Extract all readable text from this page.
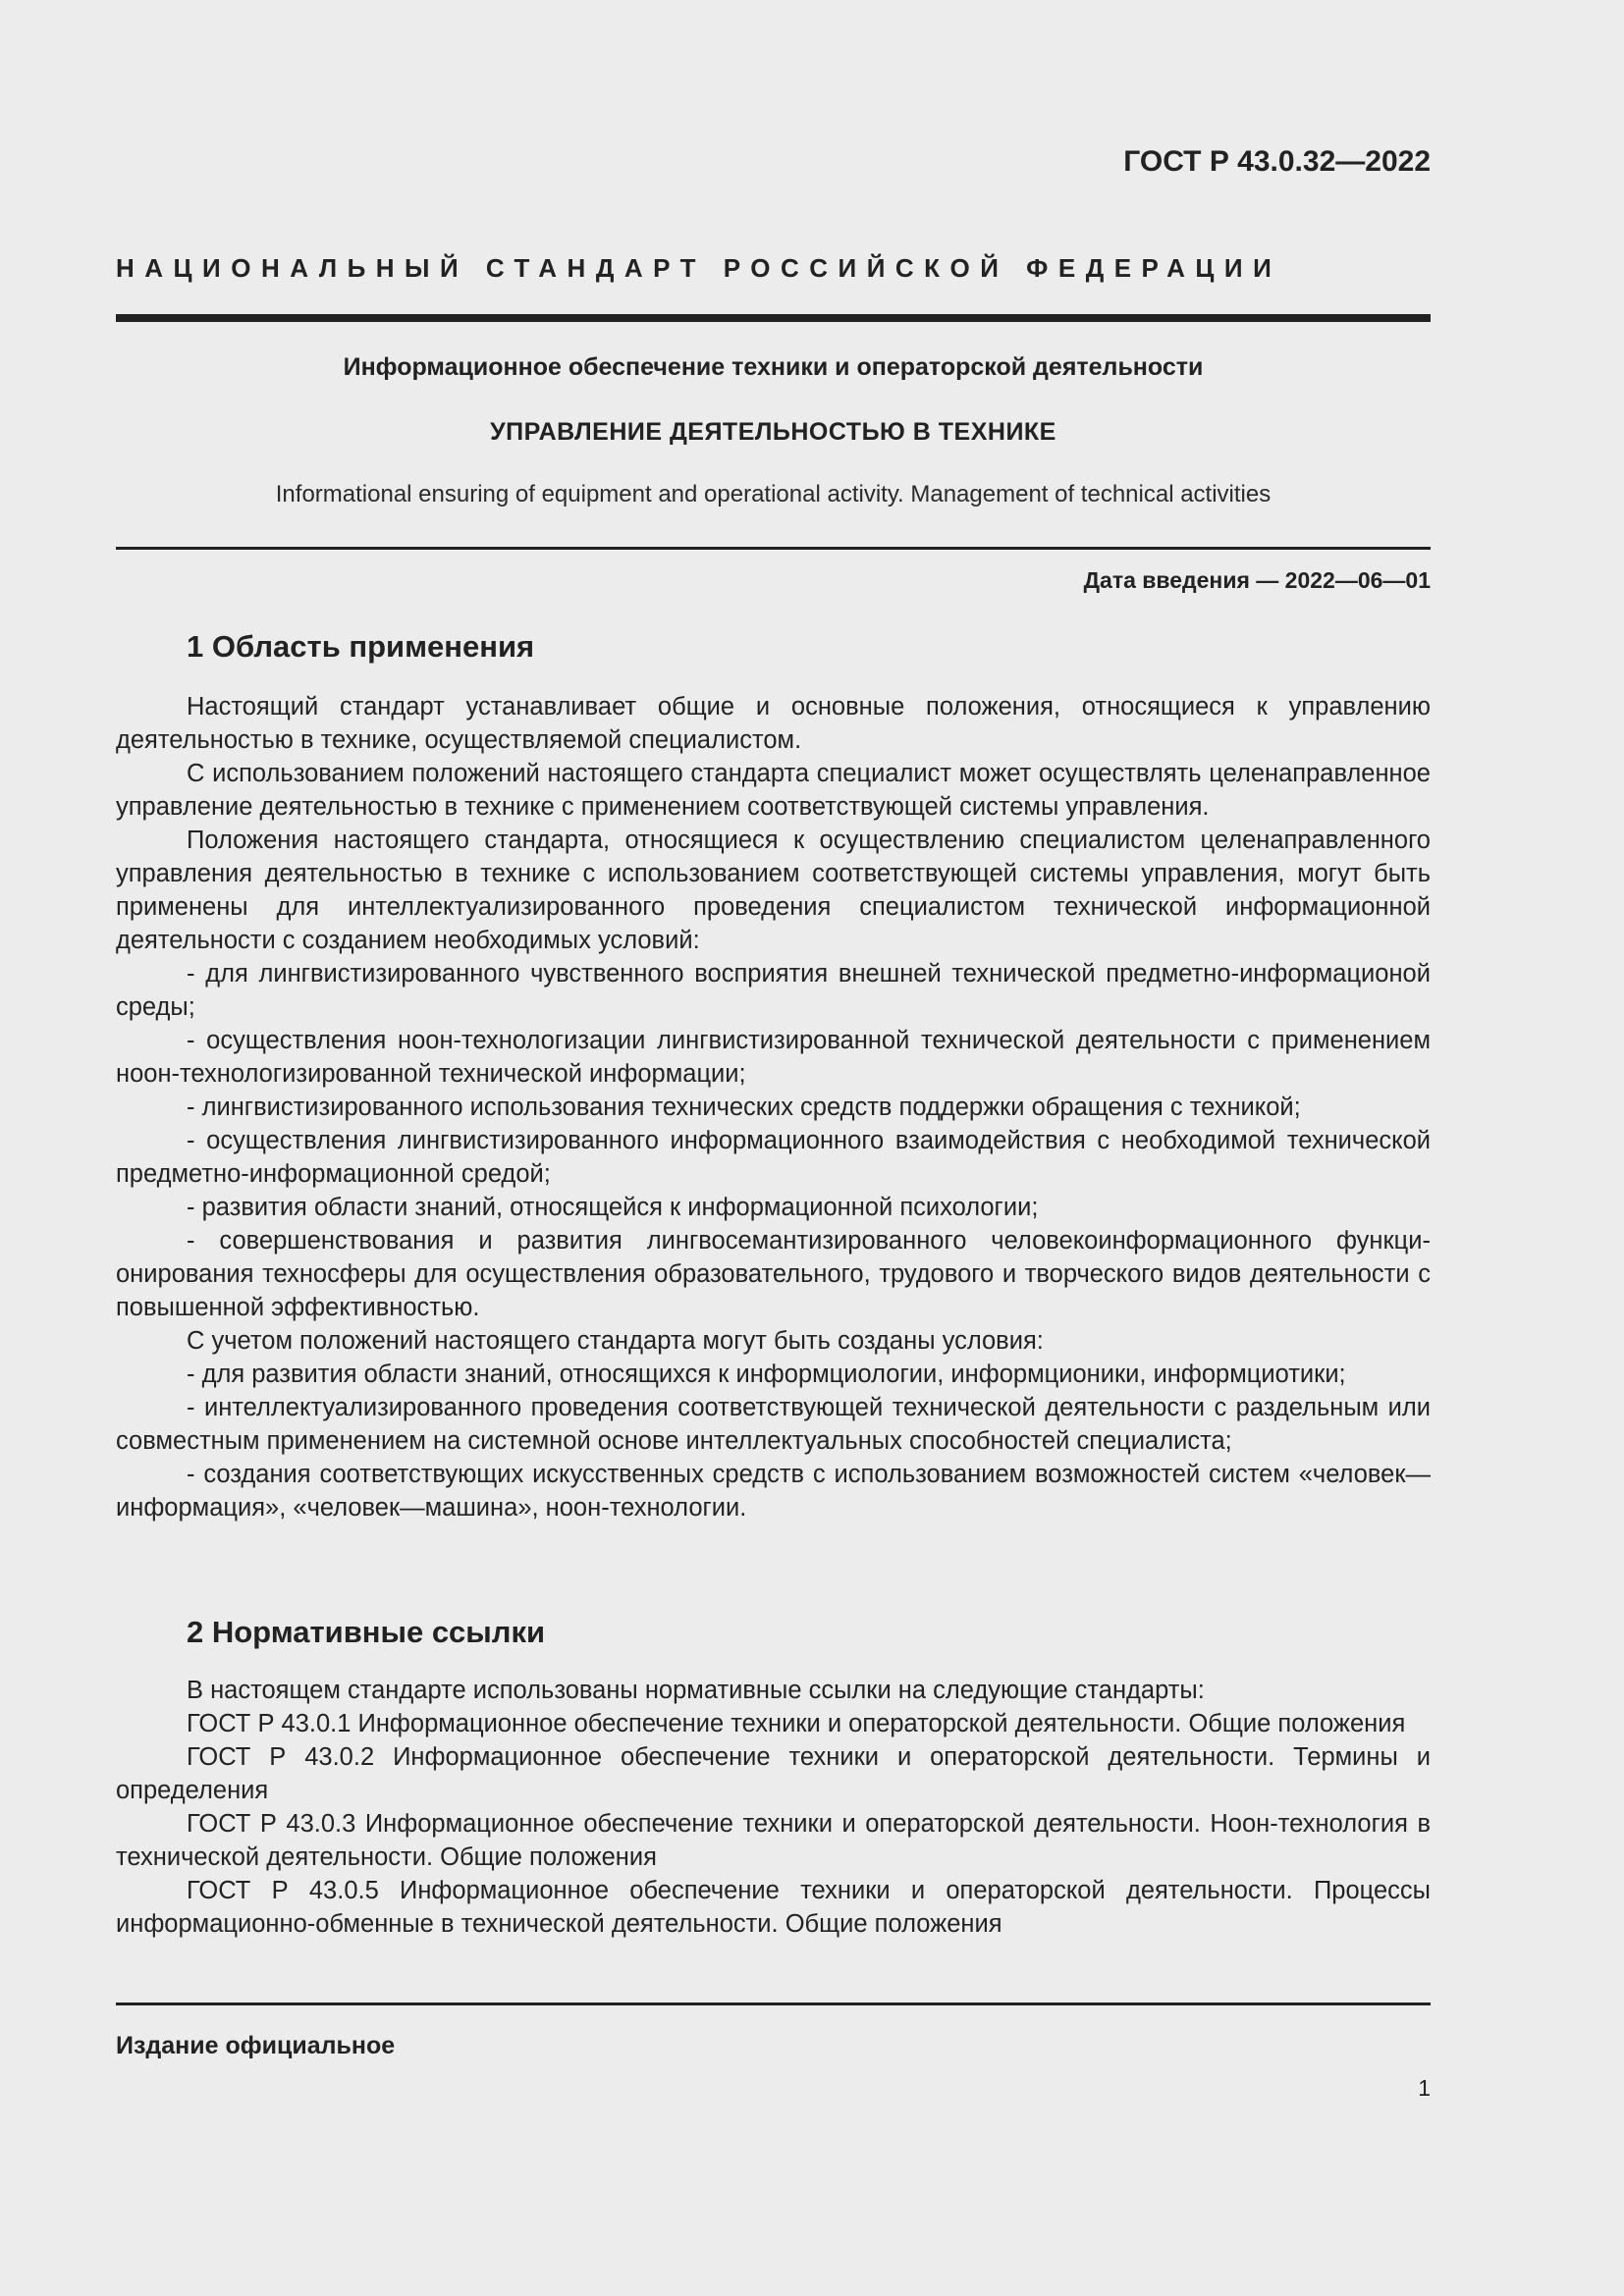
ГОСТ Р 43.0.32—2022
НАЦИОНАЛЬНЫЙ СТАНДАРТ РОССИЙСКОЙ ФЕДЕРАЦИИ
Информационное обеспечение техники и операторской деятельности
УПРАВЛЕНИЕ ДЕЯТЕЛЬНОСТЬЮ В ТЕХНИКЕ
Informational ensuring of equipment and operational activity. Management of technical activities
Дата введения — 2022—06—01
1 Область применения

Настоящий стандарт устанавливает общие и основные положения, относящиеся к управлению деятельностью в технике, осуществляемой специалистом.

С использованием положений настоящего стандарта специалист может осуществлять целенаправленное управление деятельностью в технике с применением соответствующей системы управления.

Положения настоящего стандарта, относящиеся к осуществлению специалистом целенаправленного управления деятельностью в технике с использованием соответствующей системы управления, могут быть применены для интеллектуализированного проведения специалистом технической информационной деятельности с созданием необходимых условий:

- для лингвистизированного чувственного восприятия внешней технической предметно-информационой среды;

- осуществления ноон-технологизации лингвистизированной технической деятельности с применением ноон-технологизированной технической информации;

- лингвистизированного использования технических средств поддержки обращения с техникой;

- осуществления лингвистизированного информационного взаимодействия с необходимой технической предметно-информационной средой;

- развития области знаний, относящейся к информационной психологии;

- совершенствования и развития лингвосемантизированного человекоинформационного функционирования техносферы для осуществления образовательного, трудового и творческого видов деятельности с повышенной эффективностью.

С учетом положений настоящего стандарта могут быть созданы условия:

- для развития области знаний, относящихся к информциологии, информционики, информциотики;

- интеллектуализированного проведения соответствующей технической деятельности с раздельным или совместным применением на системной основе интеллектуальных способностей специалиста;

- создания соответствующих искусственных средств с использованием возможностей систем «человек—информация», «человек—машина», ноон-технологии.

2 Нормативные ссылки

В настоящем стандарте использованы нормативные ссылки на следующие стандарты:

ГОСТ Р 43.0.1 Информационное обеспечение техники и операторской деятельности. Общие положения

ГОСТ Р 43.0.2 Информационное обеспечение техники и операторской деятельности. Термины и определения

ГОСТ Р 43.0.3 Информационное обеспечение техники и операторской деятельности. Ноон-технология в технической деятельности. Общие положения

ГОСТ Р 43.0.5 Информационное обеспечение техники и операторской деятельности. Процессы информационно-обменные в технической деятельности. Общие положения

Издание официальное
1
